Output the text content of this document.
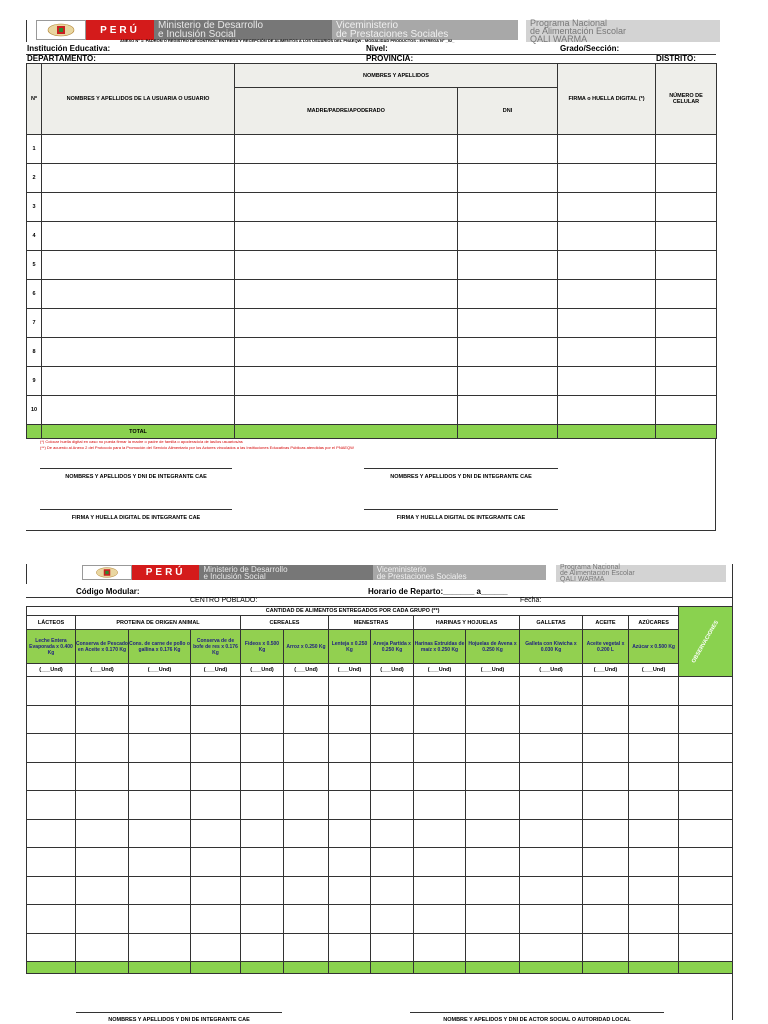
PERÚ	Ministerio de Desarrollo
e Inclusión Social
Viceministerio
de Prestaciones Sociales
Programa Nacional
de Alimentación Escolar
QALI WARMA
ANEXO N° 1: PADRON O REGISTRO DE CONTROL: ENTREGA Y RECEPCIÓN DE ALIMENTOS A LOS USUARIOS DEL PNAEQW - MODALIDAD PRODUCTOS - ENTREGA N° _02_
Institución Educativa:	Nivel:	Grado/Sección:
DEPARTAMENTO:	PROVINCIA:	DISTRITO:
Nº	NOMBRES Y APELLIDOS DE LA USUARIA O USUARIO	NOMBRES Y APELLIDOS		FIRMA o HUELLA DIGITAL (*)	NÚMERO DE CELULAR
		MADRE/PADRE/APODERADO	DNI		
1					
2					
3					
4					
5					
6					
7					
8					
9					
10					
	TOTAL				
(*) Colocar huella digital en caso no pueda firmar la madre o padre de familia o apoderado/a de las/los usuarios/as
(**) De acuerdo al Anexo 2 del Protocolo para la Promoción del Servicio Alimentario por los Actores vinculados a las Instituciones Educativas Públicas atendidas por el PNAEQW
NOMBRES Y APELLIDOS Y DNI DE INTEGRANTE CAE	NOMBRES Y APELLIDOS Y DNI DE INTEGRANTE CAE
FIRMA Y HUELLA DIGITAL DE INTEGRANTE CAE	FIRMA Y HUELLA DIGITAL DE INTEGRANTE CAE
PERÚ	Ministerio de Desarrollo
e Inclusión Social
Viceministerio
de Prestaciones Sociales
Programa Nacional
de Alimentación Escolar
QALI WARMA
Código Modular:	Horario de Reparto:_______ a______
CENTRO POBLADO:	Fecha:
CANTIDAD DE ALIMENTOS ENTREGADOS POR CADA GRUPO (**)													OBSERVACIONES

LÁCTEOS	PROTEINA DE ORIGEN ANIMAL			CEREALES		MENESTRAS		HARINAS Y HOJUELAS		GALLETAS	ACEITE	AZÚCARES	
Leche Entera Evaporada x 0.400 Kg	Conserva de Pescado en Aceite x 0.170 Kg	Cons. de carne de pollo o gallina x 0.176 Kg	Conserva de de bofe de res x 0.176 Kg	Fideos x 0.500 Kg	Arroz x 0.250 Kg	Lenteja x 0.250 Kg	Arveja Partida x 0.250 Kg	Harinas Extruidas de maíz x 0.250 Kg	Hojuelas de Avena x 0.250 Kg	Galleta con Kiwicha x 0.030 Kg	Aceite vegetal x 0.200 L	Azúcar x 0.500 Kg	
(___Und)	(___Und)	(___Und)	(___Und)	(___Und)	(___Und)	(___Und)	(___Und)	(___Und)	(___Und)	(___Und)	(___Und)	(___Und)	

NOMBRES Y APELLIDOS Y DNI DE INTEGRANTE CAE	NOMBRE Y APELIDOS Y DNI DE ACTOR SOCIAL O AUTORIDAD LOCAL
